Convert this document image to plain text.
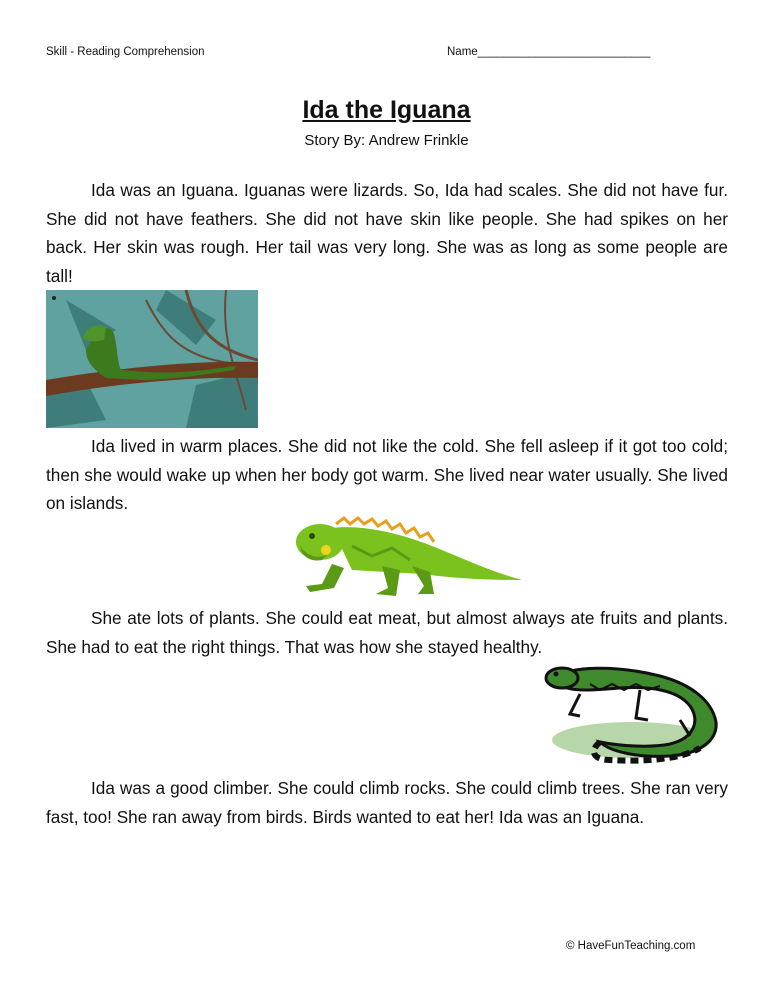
Skill - Reading Comprehension	Name___________________________
Ida the Iguana
Story By: Andrew Frinkle

Ida was an Iguana. Iguanas were lizards. So, Ida had scales. She did not have fur. She did not have feathers. She did not have skin like people. She had spikes on her back. Her skin was rough. Her tail was very long. She was as long as some people are tall!

Ida lived in warm places. She did not like the cold. She fell asleep if it got too cold; then she would wake up when her body got warm. She lived near water usually. She lived on islands.

She ate lots of plants. She could eat meat, but almost always ate fruits and plants. She had to eat the right things. That was how she stayed healthy.

Ida was a good climber. She could climb rocks. She could climb trees. She ran very fast, too! She ran away from birds. Birds wanted to eat her! Ida was an Iguana.

© HaveFunTeaching.com
